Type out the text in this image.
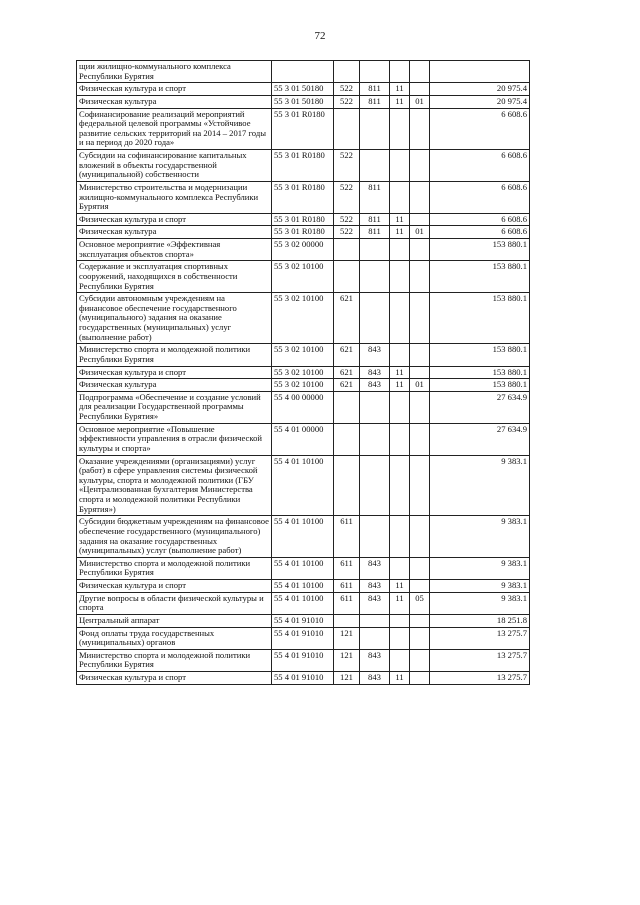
72
щии жилищно-коммунального комплекса Республики Бурятия						
Физическая культура и спорт	55 3 01 50180	522	811	11		20 975.4
Физическая культура	55 3 01 50180	522	811	11	01	20 975.4
Софинансирование реализаций мероприятий федеральной целевой программы «Устойчивое развитие сельских территорий на 2014 – 2017 годы и на период до 2020 года»	55 3 01 R0180					6 608.6
Субсидии на софинансирование капитальных вложений в объекты государственной (муниципальной) собственности	55 3 01 R0180	522				6 608.6
Министерство строительства и модернизации жилищно-коммунального комплекса Республики Бурятия	55 3 01 R0180	522	811			6 608.6
Физическая культура и спорт	55 3 01 R0180	522	811	11		6 608.6
Физическая культура	55 3 01 R0180	522	811	11	01	6 608.6
Основное мероприятие «Эффективная эксплуатация объектов спорта»	55 3 02 00000					153 880.1
Содержание и эксплуатация спортивных сооружений, находящихся в собственности Республики Бурятия	55 3 02 10100					153 880.1
Субсидии автономным учреждениям на финансовое обеспечение государственного (муниципального) задания на оказание государственных (муниципальных) услуг (выполнение работ)	55 3 02 10100	621				153 880.1
Министерство спорта и молодежной политики Республики Бурятия	55 3 02 10100	621	843			153 880.1
Физическая культура и спорт	55 3 02 10100	621	843	11		153 880.1
Физическая культура	55 3 02 10100	621	843	11	01	153 880.1
Подпрограмма «Обеспечение и создание условий для реализации Государственной программы Республики Бурятия»	55 4 00 00000					27 634.9
Основное мероприятие «Повышение эффективности управления в отрасли физической культуры и спорта»	55 4 01 00000					27 634.9
Оказание учреждениями (организациями) услуг (работ) в сфере управления системы физической культуры, спорта и молодежной политики (ГБУ «Централизованная бухгалтерия Министерства спорта и молодежной политики Республики Бурятия»)	55 4 01 10100					9 383.1
Субсидии бюджетным учреждениям на финансовое обеспечение государственного (муниципального) задания на оказание государственных (муниципальных) услуг (выполнение работ)	55 4 01 10100	611				9 383.1
Министерство спорта и молодежной политики Республики Бурятия	55 4 01 10100	611	843			9 383.1
Физическая культура и спорт	55 4 01 10100	611	843	11		9 383.1
Другие вопросы в области физической культуры и спорта	55 4 01 10100	611	843	11	05	9 383.1
Центральный аппарат	55 4 01 91010					18 251.8
Фонд оплаты труда государственных (муниципальных) органов	55 4 01 91010	121				13 275.7
Министерство спорта и молодежной политики Республики Бурятия	55 4 01 91010	121	843			13 275.7
Физическая культура и спорт	55 4 01 91010	121	843	11		13 275.7
